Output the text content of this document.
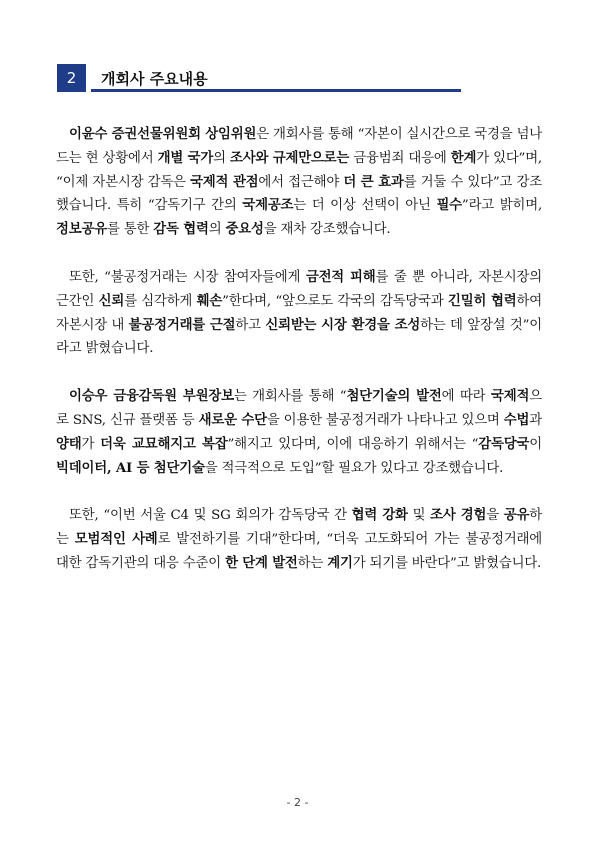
2	개회사 주요내용

이윤수 증권선물위원회 상임위원은 개회사를 통해 “자본이 실시간으로 국경을 넘나드는 현 상황에서 개별 국가의 조사와 규제만으로는 금융범죄 대응에 한계가 있다”며, “이제 자본시장 감독은 국제적 관점에서 접근해야 더 큰 효과를 거둘 수 있다”고 강조했습니다. 특히 “감독기구 간의 국제공조는 더 이상 선택이 아닌 필수”라고 밝히며, 정보공유를 통한 감독 협력의 중요성을 재차 강조했습니다.

또한, “불공정거래는 시장 참여자들에게 금전적 피해를 줄 뿐 아니라, 자본시장의 근간인 신뢰를 심각하게 훼손”한다며, “앞으로도 각국의 감독당국과 긴밀히 협력하여 자본시장 내 불공정거래를 근절하고 신뢰받는 시장 환경을 조성하는 데 앞장설 것”이라고 밝혔습니다.

이승우 금융감독원 부원장보는 개회사를 통해 “첨단기술의 발전에 따라 국제적으로 SNS, 신규 플랫폼 등 새로운 수단을 이용한 불공정거래가 나타나고 있으며 수법과 양태가 더욱 교묘해지고 복잡”해지고 있다며, 이에 대응하기 위해서는 “감독당국이 빅데이터, AI 등 첨단기술을 적극적으로 도입”할 필요가 있다고 강조했습니다.

또한, “이번 서울 C4 및 SG 회의가 감독당국 간 협력 강화 및 조사 경험을 공유하는 모범적인 사례로 발전하기를 기대”한다며, “더욱 고도화되어 가는 불공정거래에 대한 감독기관의 대응 수준이 한 단계 발전하는 계기가 되기를 바란다”고 밝혔습니다.

- 2 -
